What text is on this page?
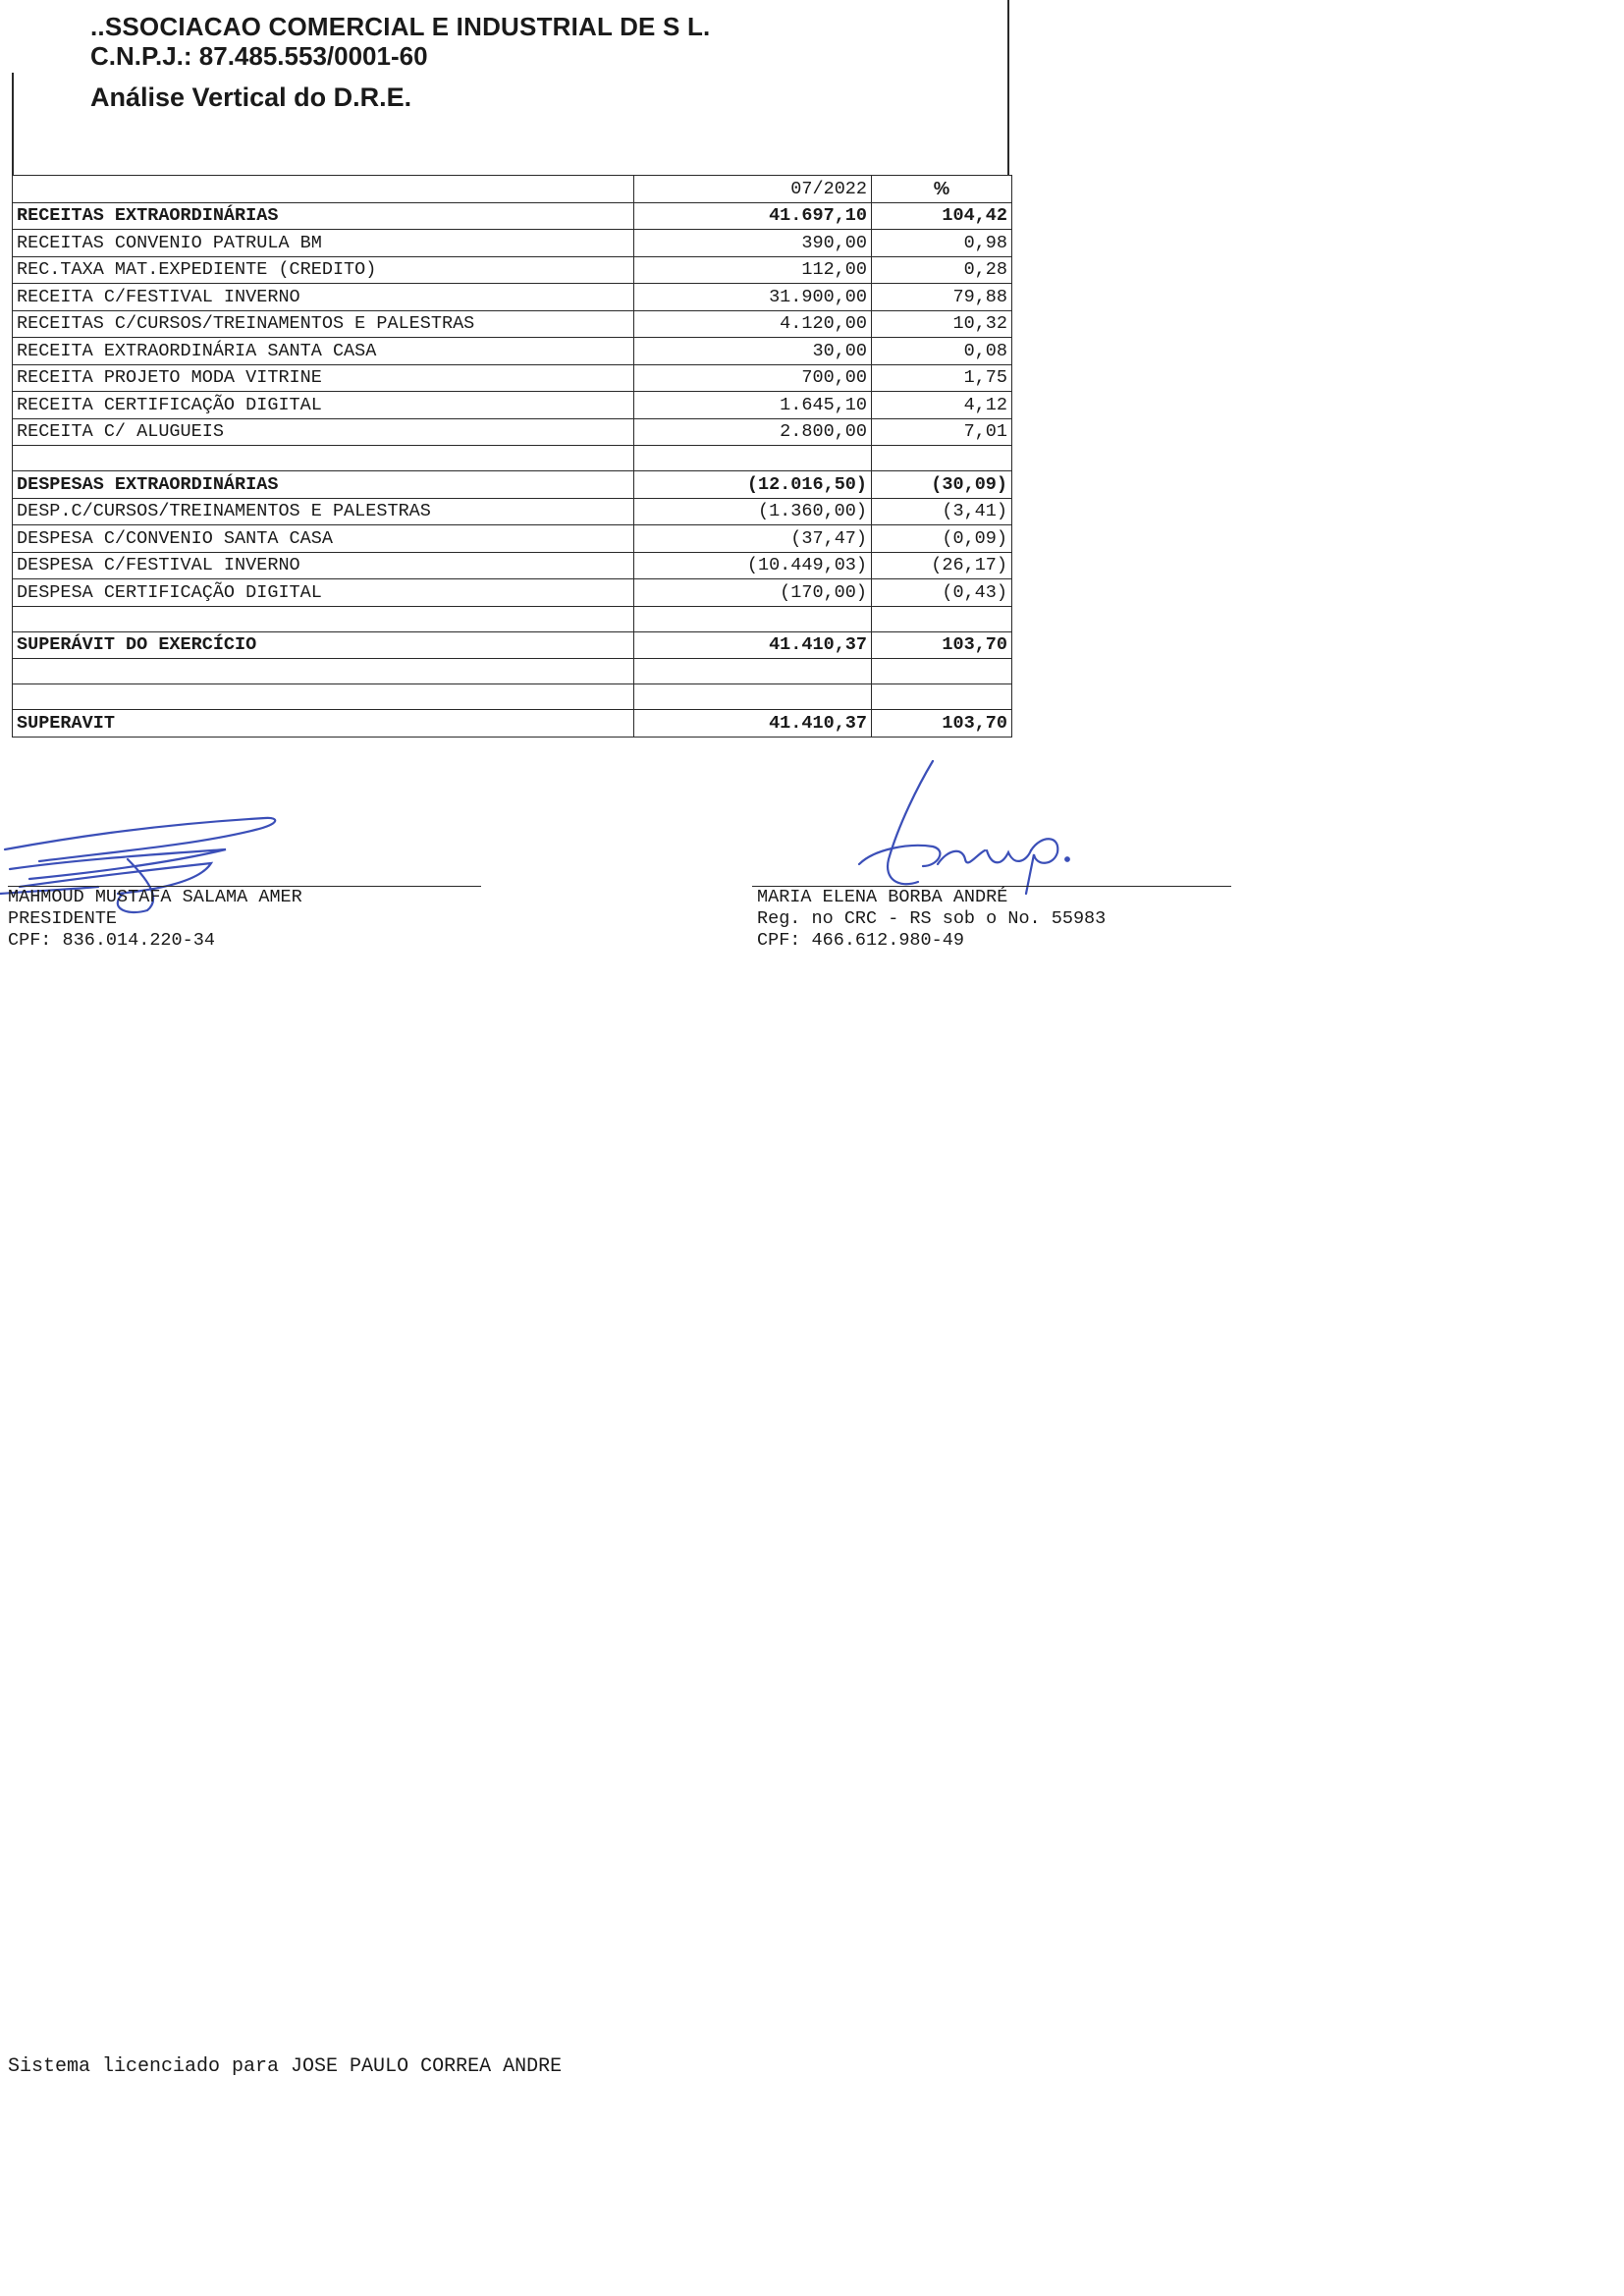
..SSOCIACAO COMERCIAL E INDUSTRIAL DE S L.
C.N.P.J.: 87.485.553/0001-60
Análise Vertical do D.R.E.
	07/2022	%
RECEITAS EXTRAORDINÁRIAS	41.697,10	104,42
RECEITAS CONVENIO PATRULA BM	390,00	0,98
REC.TAXA MAT.EXPEDIENTE (CREDITO)	112,00	0,28
RECEITA C/FESTIVAL INVERNO	31.900,00	79,88
RECEITAS C/CURSOS/TREINAMENTOS E PALESTRAS	4.120,00	10,32
RECEITA EXTRAORDINÁRIA SANTA CASA	30,00	0,08
RECEITA PROJETO MODA VITRINE	700,00	1,75
RECEITA CERTIFICAÇÃO DIGITAL	1.645,10	4,12
RECEITA C/ ALUGUEIS	2.800,00	7,01

DESPESAS EXTRAORDINÁRIAS	(12.016,50)	(30,09)
DESP.C/CURSOS/TREINAMENTOS E PALESTRAS	(1.360,00)	(3,41)
DESPESA C/CONVENIO SANTA CASA	(37,47)	(0,09)
DESPESA C/FESTIVAL INVERNO	(10.449,03)	(26,17)
DESPESA CERTIFICAÇÃO DIGITAL	(170,00)	(0,43)

SUPERÁVIT DO EXERCÍCIO	41.410,37	103,70

SUPERAVIT	41.410,37	103,70
MAHMOUD MUSTAFA SALAMA AMER
PRESIDENTE
CPF: 836.014.220-34
MARIA ELENA BORBA ANDRÉ
Reg. no CRC - RS sob o No. 55983
CPF: 466.612.980-49
Sistema licenciado para JOSE PAULO CORREA ANDRE
